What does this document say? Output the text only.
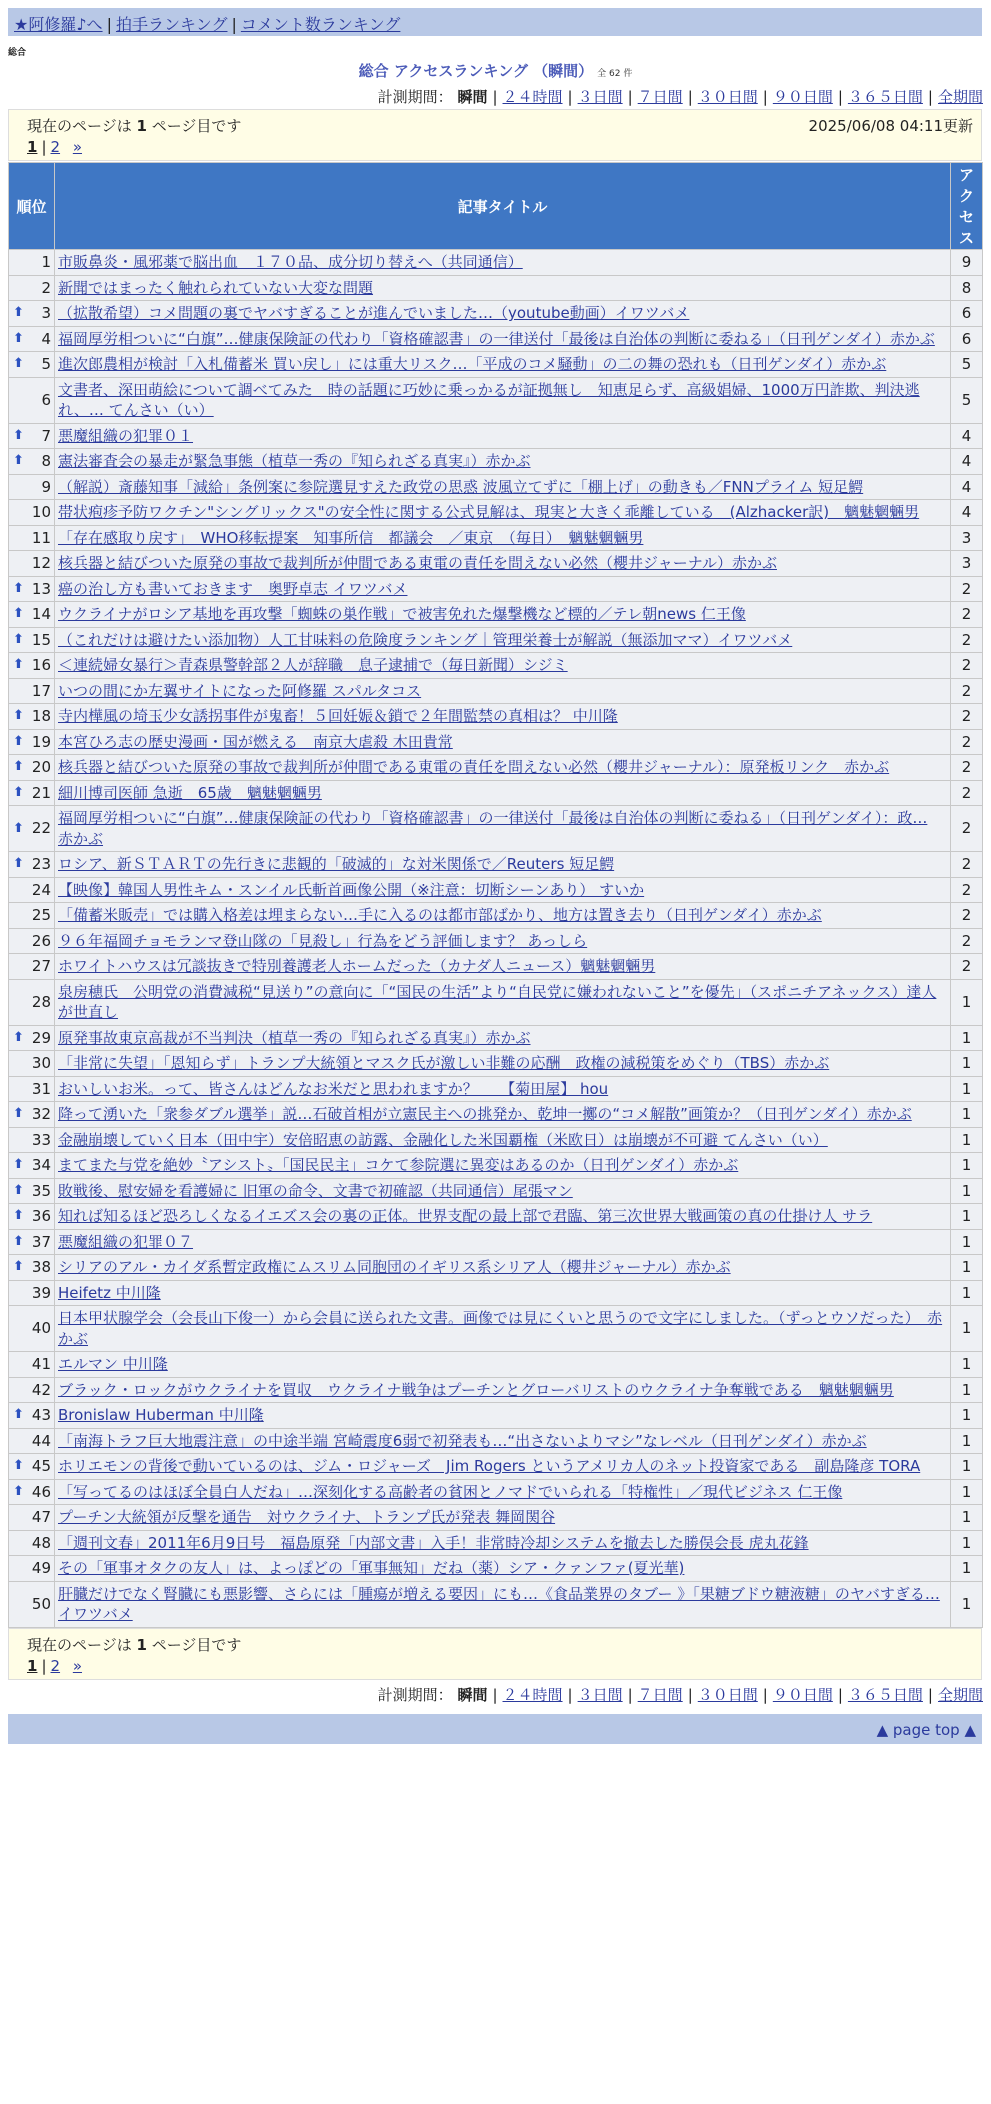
★阿修羅♪へ | 拍手ランキング | コメント数ランキング
総合
総合 アクセスランキング （瞬間） 全 62 件
計測期間： 瞬間 | ２４時間 | ３日間 | ７日間 | ３０日間 | ９０日間 | ３６５日間 | 全期間
現在のページは 1 ページ目です	2025/06/08 04:11更新
1 | 2 »
順位	記事タイトル	アクセス
1	市販鼻炎・風邪薬で脳出血　１７０品、成分切り替えへ（共同通信）	9
2	新聞ではまったく触れられていない大変な問題	8

⬆ 3	（拡散希望）コメ問題の裏でヤバすぎることが進んでいました…（youtube動画）イワツバメ	6

⬆ 4	福岡厚労相ついに“白旗”…健康保険証の代わり「資格確認書」の一律送付「最後は自治体の判断に委ねる」（日刊ゲンダイ）赤かぶ	6

⬆ 5	進次郎農相が検討「入札備蓄米 買い戻し」には重大リスク…「平成のコメ騒動」の二の舞の恐れも（日刊ゲンダイ）赤かぶ	5
6	文書者、深田萌絵について調べてみた　時の話題に巧妙に乗っかるが証拠無し　知恵足らず、高級娼婦、1000万円詐欺、判決逃れ、… てんさい（い）	5

⬆ 7	悪魔組織の犯罪０１	4

⬆ 8	憲法審査会の暴走が緊急事態（植草一秀の『知られざる真実』）赤かぶ	4
9	（解説）斎藤知事「減給」条例案に参院選見すえた政党の思惑 波風立てずに「棚上げ」の動きも／FNNプライム 短足鰐	4
10	帯状疱疹予防ワクチン"シングリックス"の安全性に関する公式見解は、現実と大きく乖離している　(Alzhacker訳)　魑魅魍魎男	4
11	「存在感取り戻す」　WHO移転提案　知事所信　都議会　／東京　（毎日）　魑魅魍魎男	3
12	核兵器と結びついた原発の事故で裁判所が仲間である東電の責任を問えない必然（櫻井ジャーナル）赤かぶ	3

⬆ 13	癌の治し方も書いておきます　奥野卓志 イワツバメ	2

⬆ 14	ウクライナがロシア基地を再攻撃「蜘蛛の巣作戦」で被害免れた爆撃機など標的／テレ朝news 仁王像	2

⬆ 15	（これだけは避けたい添加物）人工甘味料の危険度ランキング｜管理栄養士が解説（無添加ママ）イワツバメ	2

⬆ 16	＜連続婦女暴行＞青森県警幹部２人が辞職　息子逮捕で（毎日新聞）シジミ	2
17	いつの間にか左翼サイトになった阿修羅 スパルタコス	2

⬆ 18	寺内樺風の埼玉少女誘拐事件が鬼畜！５回妊娠＆鎖で２年間監禁の真相は？ 中川隆	2

⬆ 19	本宮ひろ志の歴史漫画・国が燃える　南京大虐殺 木田貴常	2

⬆ 20	核兵器と結びついた原発の事故で裁判所が仲間である東電の責任を問えない必然（櫻井ジャーナル）：原発板リンク　赤かぶ	2

⬆ 21	細川博司医師 急逝　65歳　魑魅魍魎男	2

⬆ 22	福岡厚労相ついに“白旗”…健康保険証の代わり「資格確認書」の一律送付「最後は自治体の判断に委ねる」（日刊ゲンダイ）：政… 赤かぶ	2

⬆ 23	ロシア、新ＳＴＡＲＴの先行きに悲観的「破滅的」な対米関係で／Reuters 短足鰐	2
24	【映像】韓国人男性キム・スンイル氏斬首画像公開（※注意：切断シーンあり） すいか	2
25	「備蓄米販売」では購入格差は埋まらない…手に入るのは都市部ばかり、地方は置き去り（日刊ゲンダイ）赤かぶ	2
26	９６年福岡チョモランマ登山隊の「見殺し」行為をどう評価します？ あっしら	2
27	ホワイトハウスは冗談抜きで特別養護老人ホームだった（カナダ人ニュース）魑魅魍魎男	2
28	泉房穂氏　公明党の消費減税“見送り”の意向に「“国民の生活”より“自民党に嫌われないこと”を優先」（スポニチアネックス）達人が世直し	1

⬆ 29	原発事故東京高裁が不当判決（植草一秀の『知られざる真実』）赤かぶ	1
30	「非常に失望」「恩知らず」トランプ大統領とマスク氏が激しい非難の応酬　政権の減税策をめぐり（TBS）赤かぶ	1
31	おいしいお米。って、皆さんはどんなお米だと思われますか？　　【菊田屋】 hou	1

⬆ 32	降って湧いた「衆参ダブル選挙」説…石破首相が立憲民主への挑発か、乾坤一擲の“コメ解散”画策か？（日刊ゲンダイ）赤かぶ	1
33	金融崩壊していく日本（田中宇）安倍昭恵の訪露、金融化した米国覇権（米欧日）は崩壊が不可避 てんさい（い）	1

⬆ 34	まてまた与党を絶妙〝アシスト〟「国民民主」コケて参院選に異変はあるのか（日刊ゲンダイ）赤かぶ	1

⬆ 35	敗戦後、慰安婦を看護婦に 旧軍の命令、文書で初確認（共同通信）尾張マン	1

⬆ 36	知れば知るほど恐ろしくなるイエズス会の裏の正体。世界支配の最上部で君臨、第三次世界大戦画策の真の仕掛け人 サラ	1

⬆ 37	悪魔組織の犯罪０７	1

⬆ 38	シリアのアル・カイダ系暫定政権にムスリム同胞団のイギリス系シリア人（櫻井ジャーナル）赤かぶ	1
39	Heifetz 中川隆	1
40	日本甲状腺学会（会長山下俊一）から会員に送られた文書。画像では見にくいと思うので文字にしました。（ずっとウソだった）　赤かぶ	1
41	エルマン 中川隆	1
42	ブラック・ロックがウクライナを買収　ウクライナ戦争はプーチンとグローバリストのウクライナ争奪戦である　魑魅魍魎男	1

⬆ 43	Bronislaw Huberman 中川隆	1
44	「南海トラフ巨大地震注意」の中途半端 宮崎震度6弱で初発表も…“出さないよりマシ”なレベル（日刊ゲンダイ）赤かぶ	1

⬆ 45	ホリエモンの背後で動いているのは、ジム・ロジャーズ　Jim Rogers というアメリカ人のネット投資家である　副島隆彦 TORA	1

⬆ 46	「写ってるのはほぼ全員白人だね」…深刻化する高齢者の貧困とノマドでいられる「特権性」／現代ビジネス 仁王像	1
47	プーチン大統領が反撃を通告　対ウクライナ、トランプ氏が発表 舞岡関谷	1
48	「週刊文春」2011年6月9日号　福島原発「内部文書」入手！非常時冷却システムを撤去した勝俣会長 虎丸花鋒	1
49	その「軍事オタクの友人」は、よっぽどの「軍事無知」だね（薬）シア・クァンファ(夏光華)	1
50	肝臓だけでなく腎臓にも悪影響、さらには「腫瘍が増える要因」にも…《食品業界のタブー 》「果糖ブドウ糖液糖」のヤバすぎる… イワツバメ	1
計測期間： 瞬間 | ２４時間 | ３日間 | ７日間 | ３０日間 | ９０日間 | ３６５日間 | 全期間
現在のページは 1 ページ目です
1 | 2 »
▲ page top ▲
